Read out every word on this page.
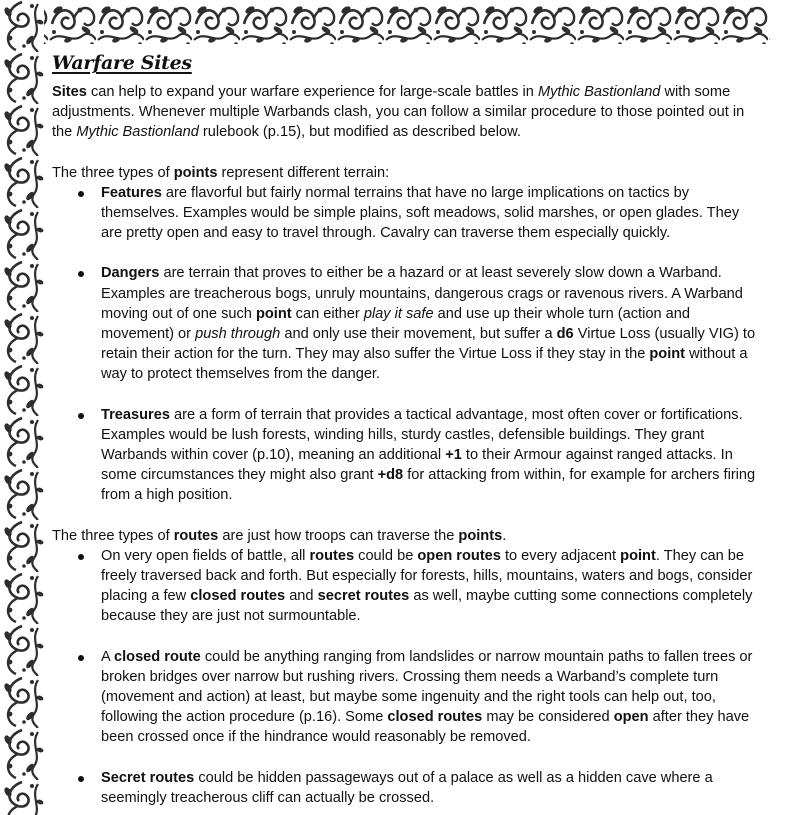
Warfare Sites

Sites can help to expand your warfare experience for large-scale battles in Mythic Bastionland with some adjustments. Whenever multiple Warbands clash, you can follow a similar procedure to those pointed out in the Mythic Bastionland rulebook (p.15), but modified as described below.

The three types of points represent different terrain:

Features are flavorful but fairly normal terrains that have no large implications on tactics by themselves. Examples would be simple plains, soft meadows, solid marshes, or open glades. They are pretty open and easy to travel through. Cavalry can traverse them especially quickly.
Dangers are terrain that proves to either be a hazard or at least severely slow down a Warband. Examples are treacherous bogs, unruly mountains, dangerous crags or ravenous rivers. A Warband moving out of one such point can either play it safe and use up their whole turn (action and movement) or push through and only use their movement, but suffer a d6 Virtue Loss (usually VIG) to retain their action for the turn. They may also suffer the Virtue Loss if they stay in the point without a way to protect themselves from the danger.
Treasures are a form of terrain that provides a tactical advantage, most often cover or fortifications. Examples would be lush forests, winding hills, sturdy castles, defensible buildings. They grant Warbands within cover (p.10), meaning an additional +1 to their Armour against ranged attacks. In some circumstances they might also grant +d8 for attacking from within, for example for archers firing from a high position.

The three types of routes are just how troops can traverse the points.

On very open fields of battle, all routes could be open routes to every adjacent point. They can be freely traversed back and forth. But especially for forests, hills, mountains, waters and bogs, consider placing a few closed routes and secret routes as well, maybe cutting some connections completely because they are just not surmountable.
A closed route could be anything ranging from landslides or narrow mountain paths to fallen trees or broken bridges over narrow but rushing rivers. Crossing them needs a Warband’s complete turn (movement and action) at least, but maybe some ingenuity and the right tools can help out, too, following the action procedure (p.16). Some closed routes may be considered open after they have been crossed once if the hindrance would reasonably be removed.
Secret routes could be hidden passageways out of a palace as well as a hidden cave where a seemingly treacherous cliff can actually be crossed.
